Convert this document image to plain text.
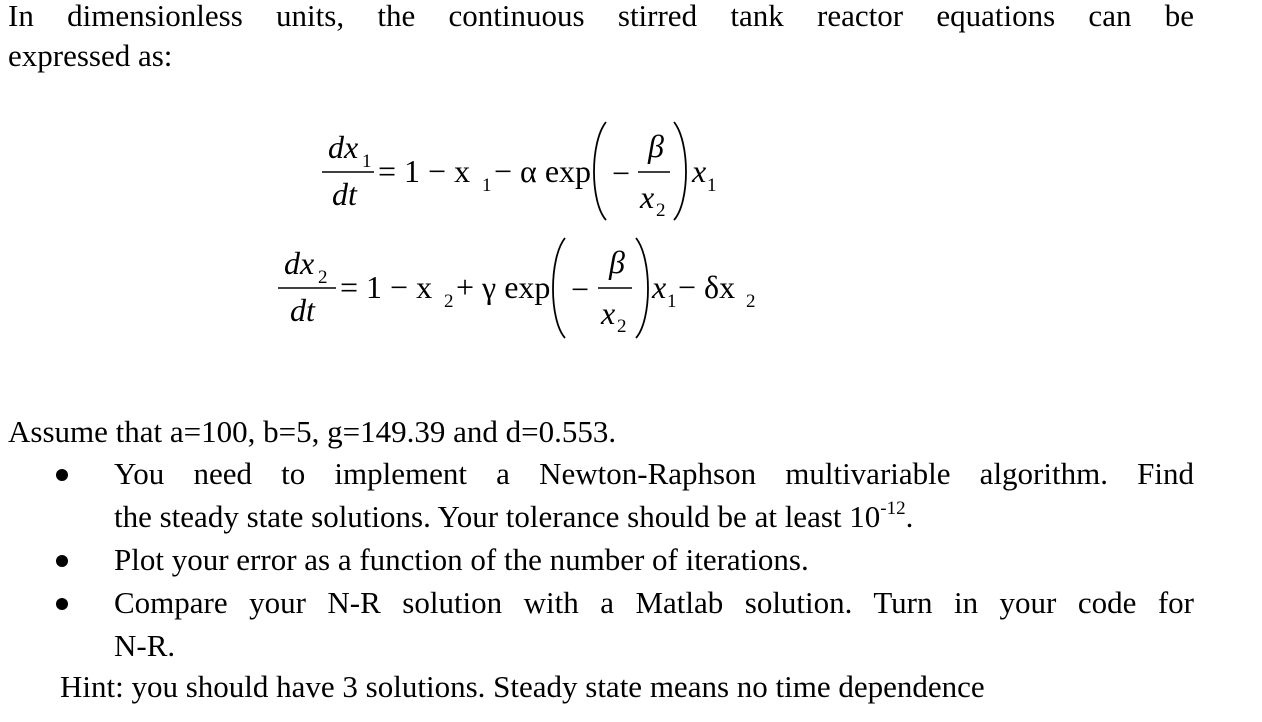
In dimensionless units, the continuous stirred tank reactor equations can be
expressed as:
dx 1
dt
= 1 − x 1 − α exp −
β
x 2
x 1
dx 2
dt
= 1 − x 2 + γ exp −
β
x 2
x 1 − δx 2
Assume that a=100, b=5, g=149.39 and d=0.553.
You need to implement a Newton-Raphson multivariable algorithm. Find
the steady state solutions. Your tolerance should be at least $10^{-12}$.
Plot your error as a function of the number of iterations.
Compare your N-R solution with a Matlab solution. Turn in your code for
N-R.
Hint: you should have 3 solutions. Steady state means no time dependence
